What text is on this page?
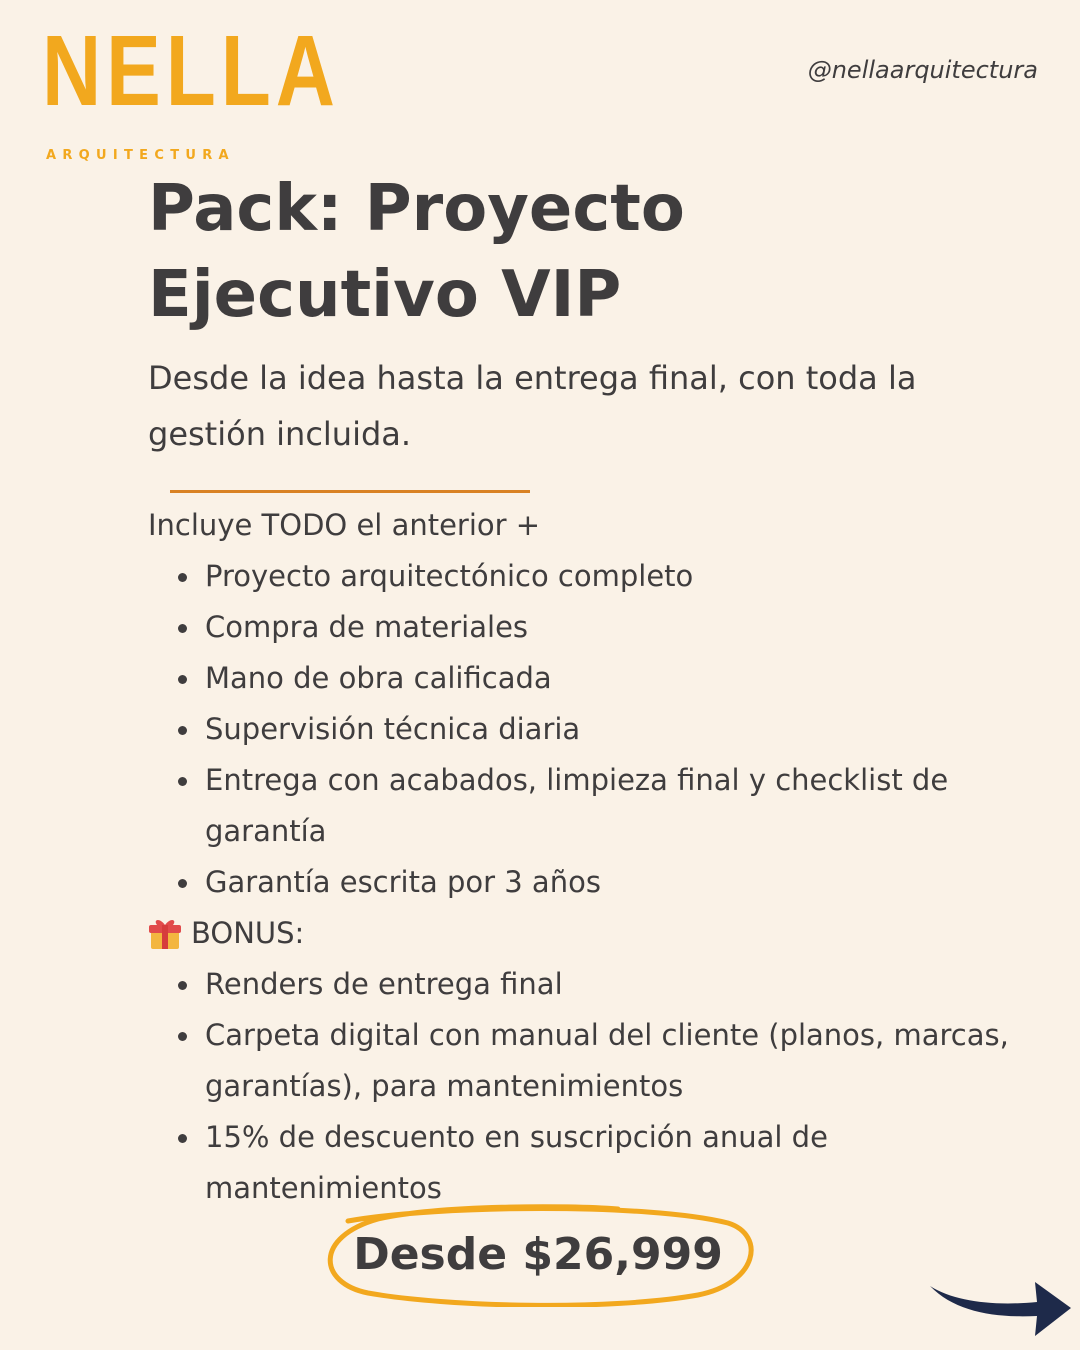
NELLA
ARQUITECTURA
@nellaarquitectura
Pack: Proyecto
Ejecutivo VIP

Desde la idea hasta la entrega final, con toda la gestión incluida.

Incluye TODO el anterior +

Proyecto arquitectónico completo
Compra de materiales
Mano de obra calificada
Supervisión técnica diaria
Entrega con acabados, limpieza final y checklist de garantía
Garantía escrita por 3 años
BONUS:
Renders de entrega final
Carpeta digital con manual del cliente (planos, marcas, garantías), para mantenimientos
15% de descuento en suscripción anual de mantenimientos
Desde $26,999
